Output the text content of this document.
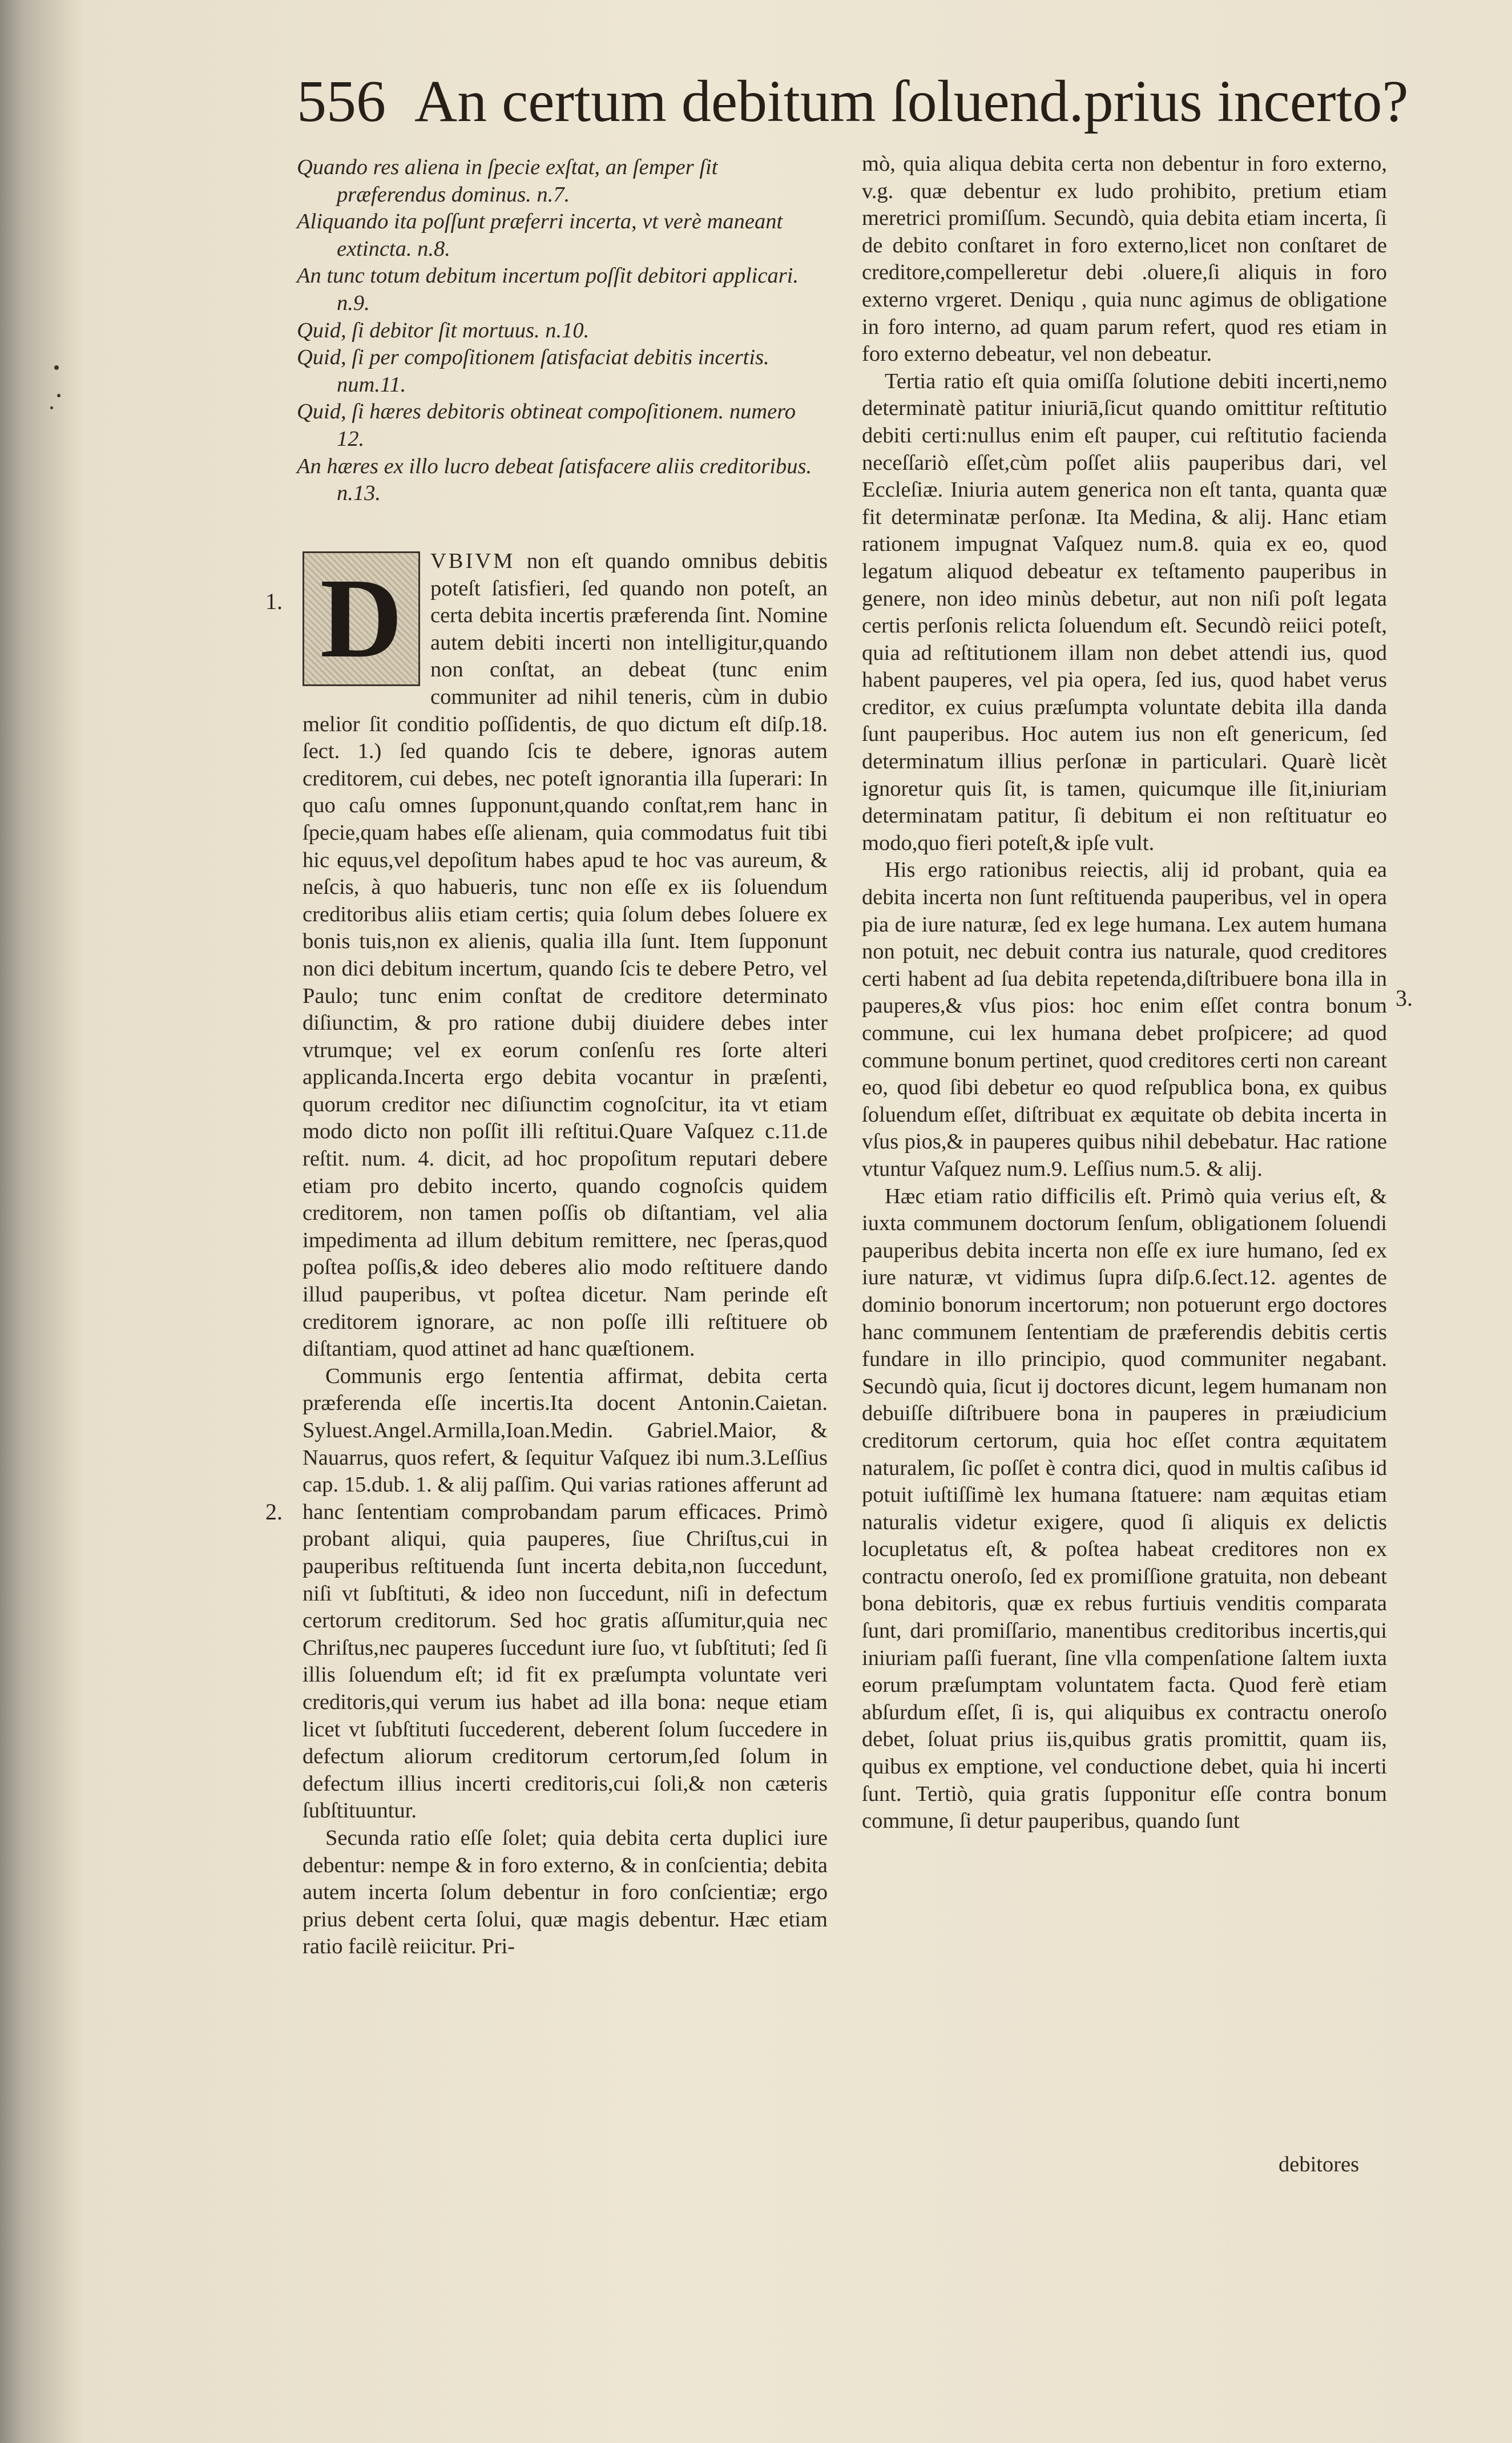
556 An certum debitum ſoluend.prius incerto?
Quando res aliena in ſpecie exſtat, an ſemper ſit præferendus dominus. n.7.
Aliquando ita poſſunt præferri incerta, vt verè maneant extincta. n.8.
An tunc totum debitum incertum poſſit debitori applicari. n.9.
Quid, ſi debitor ſit mortuus. n.10.
Quid, ſi per compoſitionem ſatisfaciat debitis incertis. num.11.
Quid, ſi hæres debitoris obtineat compoſitionem. numero 12.
An hæres ex illo lucro debeat ſatisfacere aliis creditoribus. n.13.
1.
2.
3.

D	VBIVM non eſt quando omnibus debitis poteſt ſatisfieri, ſed quando non poteſt, an certa debita incertis præferenda ſint. Nomine autem debiti incerti non intelligitur,quando non conſtat, an debeat (tunc enim communiter ad nihil teneris, cùm in dubio melior ſit conditio poſſidentis, de quo dictum eſt diſp.18. ſect. 1.) ſed quando ſcis te debere, ignoras autem creditorem, cui debes, nec poteſt ignorantia illa ſuperari: In quo caſu omnes ſupponunt,quando conſtat,rem hanc in ſpecie,quam habes eſſe alienam, quia commodatus fuit tibi hic equus,vel depoſitum habes apud te hoc vas aureum, & neſcis, à quo habueris, tunc non eſſe ex iis ſoluendum creditoribus aliis etiam certis; quia ſolum debes ſoluere ex bonis tuis,non ex alienis, qualia illa ſunt. Item ſupponunt non dici debitum incertum, quando ſcis te debere Petro, vel Paulo; tunc enim conſtat de creditore determinato diſiunctim, & pro ratione dubij diuidere debes inter vtrumque; vel ex eorum conſenſu res ſorte alteri applicanda.Incerta ergo debita vocantur in præſenti, quorum creditor nec diſiunctim cognoſcitur, ita vt etiam modo dicto non poſſit illi reſtitui.Quare Vaſquez c.11.de reſtit. num. 4. dicit, ad hoc propoſitum reputari debere etiam pro debito incerto, quando cognoſcis quidem creditorem, non tamen poſſis ob diſtantiam, vel alia impedimenta ad illum debitum remittere, nec ſperas,quod poſtea poſſis,& ideo deberes alio modo reſtituere dando illud pauperibus, vt poſtea dicetur. Nam perinde eſt creditorem ignorare, ac non poſſe illi reſtituere ob diſtantiam, quod attinet ad hanc quæſtionem.

Communis ergo ſententia affirmat, debita certa præferenda eſſe incertis.Ita docent Antonin.Caietan. Syluest.Angel.Armilla,Ioan.Medin. Gabriel.Maior, & Nauarrus, quos refert, & ſequitur Vaſquez ibi num.3.Leſſius cap. 15.dub. 1. & alij paſſim. Qui varias rationes afferunt ad hanc ſententiam comprobandam parum efficaces. Primò probant aliqui, quia pauperes, ſiue Chriſtus,cui in pauperibus reſtituenda ſunt incerta debita,non ſuccedunt, niſi vt ſubſtituti, & ideo non ſuccedunt, niſi in defectum certorum creditorum. Sed hoc gratis aſſumitur,quia nec Chriſtus,nec pauperes ſuccedunt iure ſuo, vt ſubſtituti; ſed ſi illis ſoluendum eſt; id fit ex præſumpta voluntate veri creditoris,qui verum ius habet ad illa bona: neque etiam licet vt ſubſtituti ſuccederent, deberent ſolum ſuccedere in defectum aliorum creditorum certorum,ſed ſolum in defectum illius incerti creditoris,cui ſoli,& non cæteris ſubſtituuntur.

Secunda ratio eſſe ſolet; quia debita certa duplici iure debentur: nempe & in foro externo, & in conſcientia; debita autem incerta ſolum debentur in foro conſcientiæ; ergo prius debent certa ſolui, quæ magis debentur. Hæc etiam ratio facilè reiicitur. Pri-

mò, quia aliqua debita certa non debentur in foro externo, v.g. quæ debentur ex ludo prohibito, pretium etiam meretrici promiſſum. Secundò, quia debita etiam incerta, ſi de debito conſtaret in foro externo,licet non conſtaret de creditore,compelleretur debi .oluere,ſi aliquis in foro externo vrgeret. Deniqu , quia nunc agimus de obligatione in foro interno, ad quam parum refert, quod res etiam in foro externo debeatur, vel non debeatur.

Tertia ratio eſt quia omiſſa ſolutione debiti incerti,nemo determinatè patitur iniuriā,ſicut quando omittitur reſtitutio debiti certi:nullus enim eſt pauper, cui reſtitutio facienda neceſſariò eſſet,cùm poſſet aliis pauperibus dari, vel Eccleſiæ. Iniuria autem generica non eſt tanta, quanta quæ fit determinatæ perſonæ. Ita Medina, & alij. Hanc etiam rationem impugnat Vaſquez num.8. quia ex eo, quod legatum aliquod debeatur ex teſtamento pauperibus in genere, non ideo minùs debetur, aut non niſi poſt legata certis perſonis relicta ſoluendum eſt. Secundò reiici poteſt, quia ad reſtitutionem illam non debet attendi ius, quod habent pauperes, vel pia opera, ſed ius, quod habet verus creditor, ex cuius præſumpta voluntate debita illa danda ſunt pauperibus. Hoc autem ius non eſt genericum, ſed determinatum illius perſonæ in particulari. Quarè licèt ignoretur quis ſit, is tamen, quicumque ille ſit,iniuriam determinatam patitur, ſi debitum ei non reſtituatur eo modo,quo fieri poteſt,& ipſe vult.

His ergo rationibus reiectis, alij id probant, quia ea debita incerta non ſunt reſtituenda pauperibus, vel in opera pia de iure naturæ, ſed ex lege humana. Lex autem humana non potuit, nec debuit contra ius naturale, quod creditores certi habent ad ſua debita repetenda,diſtribuere bona illa in pauperes,& vſus pios: hoc enim eſſet contra bonum commune, cui lex humana debet proſpicere; ad quod commune bonum pertinet, quod creditores certi non careant eo, quod ſibi debetur eo quod reſpublica bona, ex quibus ſoluendum eſſet, diſtribuat ex æquitate ob debita incerta in vſus pios,& in pauperes quibus nihil debebatur. Hac ratione vtuntur Vaſquez num.9. Leſſius num.5. & alij.

Hæc etiam ratio difficilis eſt. Primò quia verius eſt, & iuxta communem doctorum ſenſum, obligationem ſoluendi pauperibus debita incerta non eſſe ex iure humano, ſed ex iure naturæ, vt vidimus ſupra diſp.6.ſect.12. agentes de dominio bonorum incertorum; non potuerunt ergo doctores hanc communem ſententiam de præferendis debitis certis fundare in illo principio, quod communiter negabant. Secundò quia, ſicut ij doctores dicunt, legem humanam non debuiſſe diſtribuere bona in pauperes in præiudicium creditorum certorum, quia hoc eſſet contra æquitatem naturalem, ſic poſſet è contra dici, quod in multis caſibus id potuit iuſtiſſimè lex humana ſtatuere: nam æquitas etiam naturalis videtur exigere, quod ſi aliquis ex delictis locupletatus eſt, & poſtea habeat creditores non ex contractu oneroſo, ſed ex promiſſione gratuita, non debeant bona debitoris, quæ ex rebus furtiuis venditis comparata ſunt, dari promiſſario, manentibus creditoribus incertis,qui iniuriam paſſi fuerant, ſine vlla compenſatione ſaltem iuxta eorum præſumptam voluntatem facta. Quod ferè etiam abſurdum eſſet, ſi is, qui aliquibus ex contractu oneroſo debet, ſoluat prius iis,quibus gratis promittit, quam iis, quibus ex emptione, vel conductione debet, quia hi incerti ſunt. Tertiò, quia gratis ſupponitur eſſe contra bonum commune, ſi detur pauperibus, quando ſunt

debitores
